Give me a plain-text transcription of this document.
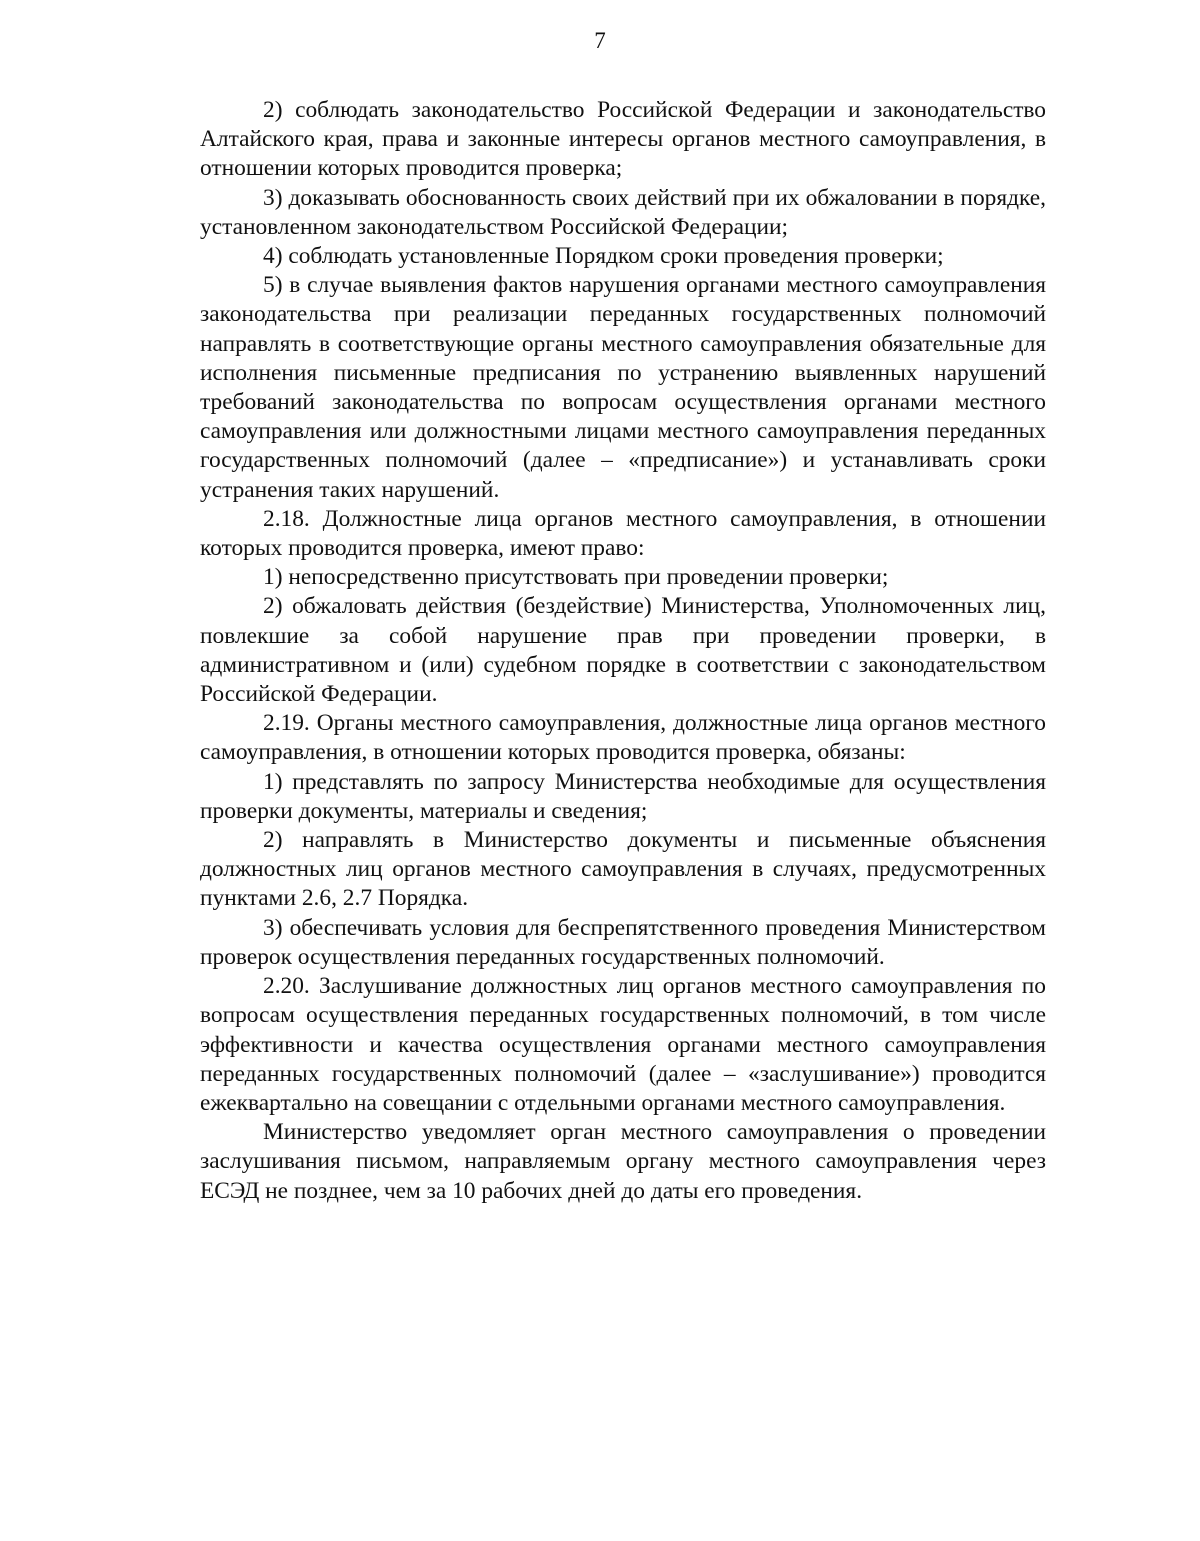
7

2) соблюдать законодательство Российской Федерации и законодательство Алтайского края, права и законные интересы органов местного самоуправления, в отношении которых проводится проверка;

3) доказывать обоснованность своих действий при их обжаловании в порядке, установленном законодательством Российской Федерации;

4) соблюдать установленные Порядком сроки проведения проверки;

5) в случае выявления фактов нарушения органами местного самоуправления законодательства при реализации переданных государственных полномочий направлять в соответствующие органы местного самоуправления обязательные для исполнения письменные предписания по устранению выявленных нарушений требований законодательства по вопросам осуществления органами местного самоуправления или должностными лицами местного самоуправления переданных государственных полномочий (далее – «предписание») и устанавливать сроки устранения таких нарушений.

2.18. Должностные лица органов местного самоуправления, в отношении которых проводится проверка, имеют право:

1) непосредственно присутствовать при проведении проверки;

2) обжаловать действия (бездействие) Министерства, Уполномоченных лиц, повлекшие за собой нарушение прав при проведении проверки, в административном и (или) судебном порядке в соответствии с законодательством Российской Федерации.

2.19. Органы местного самоуправления, должностные лица органов местного самоуправления, в отношении которых проводится проверка, обязаны:

1) представлять по запросу Министерства необходимые для осуществления проверки документы, материалы и сведения;

2) направлять в Министерство документы и письменные объяснения должностных лиц органов местного самоуправления в случаях, предусмотренных пунктами 2.6, 2.7 Порядка.

3) обеспечивать условия для беспрепятственного проведения Министерством проверок осуществления переданных государственных полномочий.

2.20. Заслушивание должностных лиц органов местного самоуправления по вопросам осуществления переданных государственных полномочий, в том числе эффективности и качества осуществления органами местного самоуправления переданных государственных полномочий (далее – «заслушивание») проводится ежеквартально на совещании с отдельными органами местного самоуправления.

Министерство уведомляет орган местного самоуправления о проведении заслушивания письмом, направляемым органу местного самоуправления через ЕСЭД не позднее, чем за 10 рабочих дней до даты его проведения.
